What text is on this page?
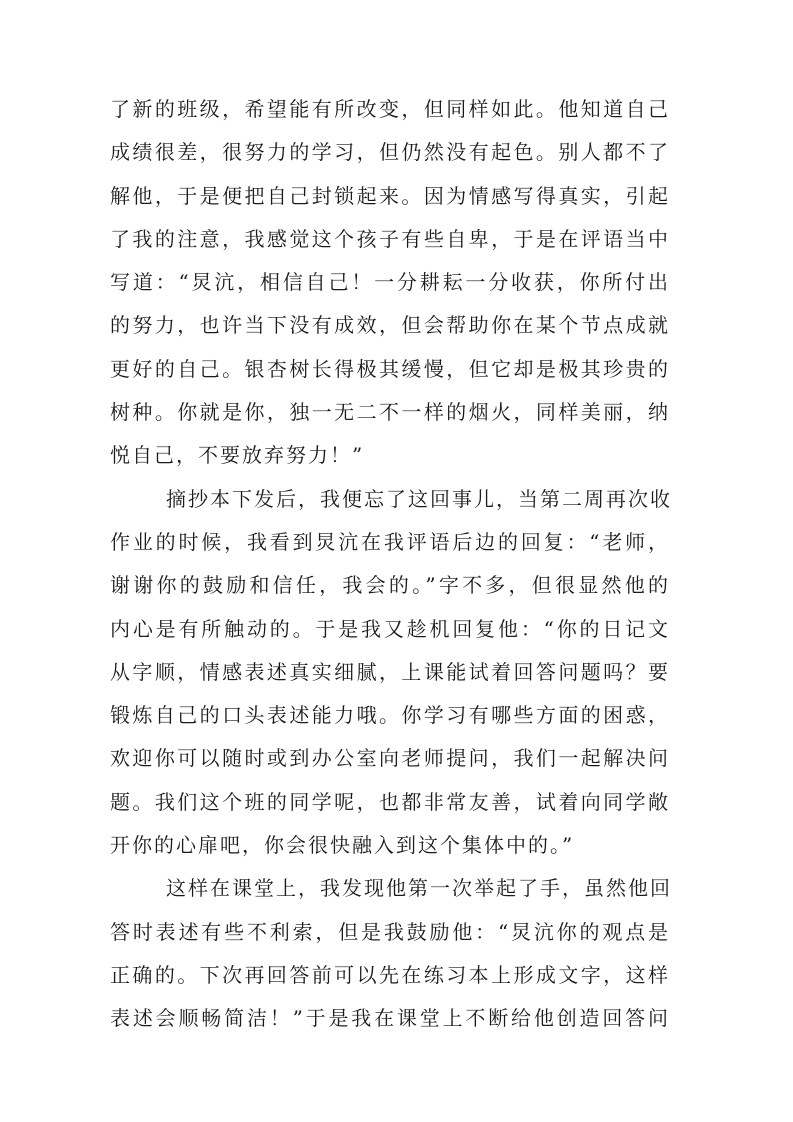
了新的班级，希望能有所改变，但同样如此。他知道自己
成绩很差，很努力的学习，但仍然没有起色。别人都不了
解他，于是便把自己封锁起来。因为情感写得真实，引起
了我的注意，我感觉这个孩子有些自卑，于是在评语当中
写道：“炅沆，相信自己！一分耕耘一分收获，你所付出
的努力，也许当下没有成效，但会帮助你在某个节点成就
更好的自己。银杏树长得极其缓慢，但它却是极其珍贵的
树种。你就是你，独一无二不一样的烟火，同样美丽，纳
悦自己，不要放弃努力！”
摘抄本下发后，我便忘了这回事儿，当第二周再次收
作业的时候，我看到炅沆在我评语后边的回复：“老师，
谢谢你的鼓励和信任，我会的。”字不多，但很显然他的
内心是有所触动的。于是我又趁机回复他：“你的日记文
从字顺，情感表述真实细腻，上课能试着回答问题吗？要
锻炼自己的口头表述能力哦。你学习有哪些方面的困惑，
欢迎你可以随时或到办公室向老师提问，我们一起解决问
题。我们这个班的同学呢，也都非常友善，试着向同学敞
开你的心扉吧，你会很快融入到这个集体中的。”
这样在课堂上，我发现他第一次举起了手，虽然他回
答时表述有些不利索，但是我鼓励他：“炅沆你的观点是
正确的。下次再回答前可以先在练习本上形成文字，这样
表述会顺畅简洁！”于是我在课堂上不断给他创造回答问
